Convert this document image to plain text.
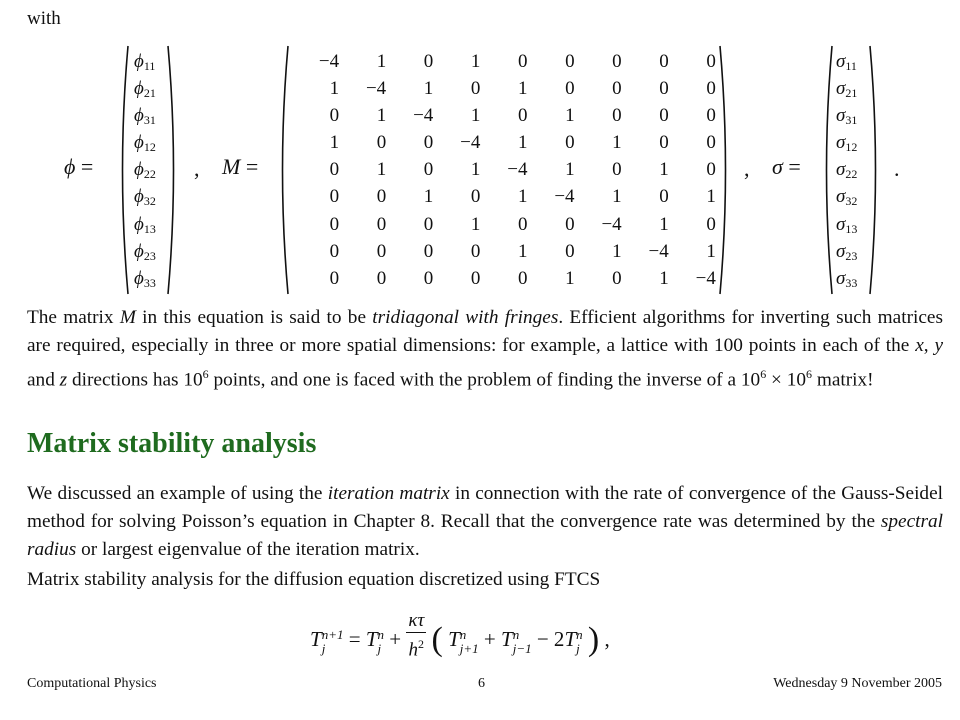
with
ϕ =
$\phi_{11}$
$\phi_{21}$
$\phi_{31}$
$\phi_{12}$
$\phi_{22}$
$\phi_{32}$
$\phi_{13}$
$\phi_{23}$
$\phi_{33}$
, M =
−4	1	0	1	0	0	0	0	0
1	−4	1	0	1	0	0	0	0
0	1	−4	1	0	1	0	0	0
1	0	0	−4	1	0	1	0	0
0	1	0	1	−4	1	0	1	0
0	0	1	0	1	−4	1	0	1
0	0	0	1	0	0	−4	1	0
0	0	0	0	1	0	1	−4	1
0	0	0	0	0	1	0	1	−4
, σ =
$\sigma_{11}$
$\sigma_{21}$
$\sigma_{31}$
$\sigma_{12}$
$\sigma_{22}$
$\sigma_{32}$
$\sigma_{13}$
$\sigma_{23}$
$\sigma_{33}$
.
The matrix M in this equation is said to be tridiagonal with fringes. Efficient algorithms for inverting such matrices are required, especially in three or more spatial dimensions: for example, a lattice with 100 points in each of the x, y and z directions has $10^6$ points, and one is faced with the problem of finding the inverse of a $10^6 \times 10^6$ matrix!
Matrix stability analysis
We discussed an example of using the iteration matrix in connection with the rate of convergence of the Gauss-Seidel method for solving Poisson’s equation in Chapter 8. Recall that the convergence rate was determined by the spectral radius or largest eigenvalue of the iteration matrix.
Matrix stability analysis for the diffusion equation discretized using FTCS
T n+1
j	= T n
$j + \frac{\kappa\tau}{h^2}$ ( T n
j+1 + T n
j−1 − 2T n
j ) ,
Computational Physics	6	Wednesday 9 November 2005
